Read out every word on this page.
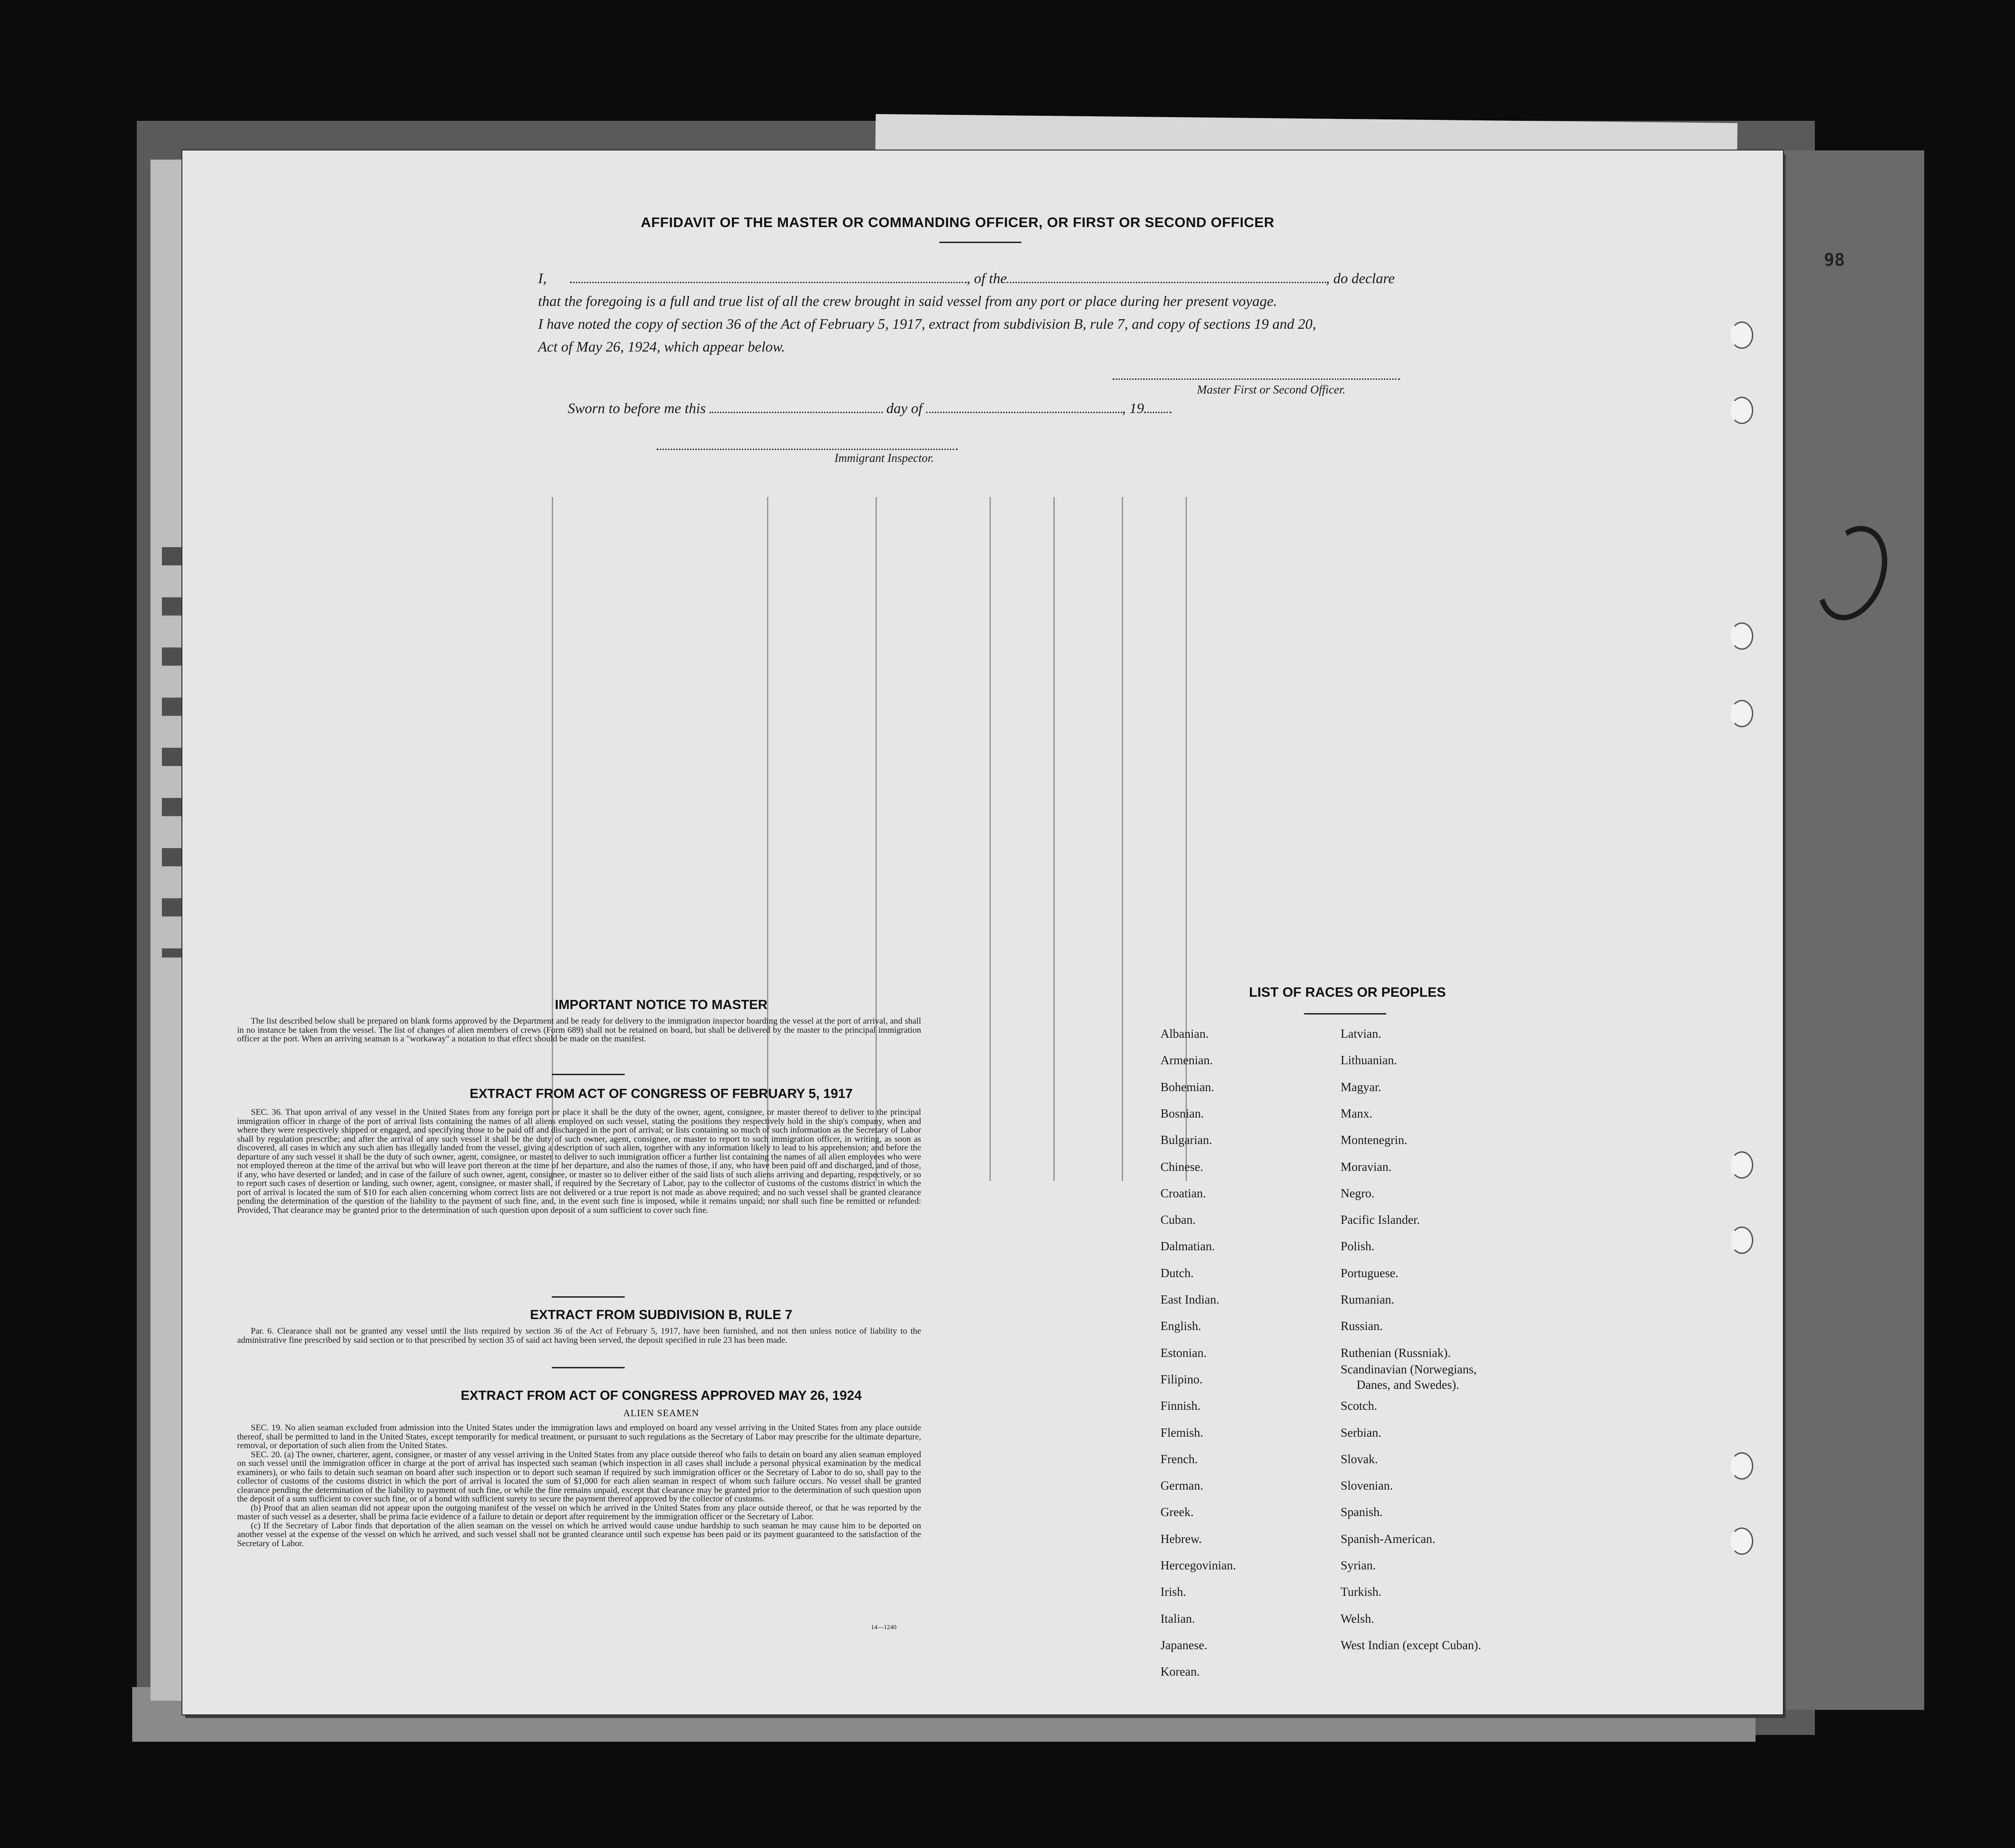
98
AFFIDAVIT OF THE MASTER OR COMMANDING OFFICER, OR FIRST OR SECOND OFFICER
I,	, of the	, do declare
that the foregoing is a full and true list of all the crew brought in said vessel from any port or place during her present voyage.
I have noted the copy of section 36 of the Act of February 5, 1917, extract from subdivision B, rule 7, and copy of sections 19 and 20,
Act of May 26, 1924, which appear below.
Master First or Second Officer.
Sworn to before me this	day of	, 19
Immigrant Inspector.
IMPORTANT NOTICE TO MASTER

The list described below shall be prepared on blank forms approved by the Department and be ready for delivery to the immigration inspector boarding the vessel at the port of arrival, and shall in no instance be taken from the vessel. The list of changes of alien members of crews (Form 689) shall not be retained on board, but shall be delivered by the master to the principal immigration officer at the port. When an arriving seaman is a "workaway" a notation to that effect should be made on the manifest.

EXTRACT FROM ACT OF CONGRESS OF FEBRUARY 5, 1917

SEC. 36. That upon arrival of any vessel in the United States from any foreign port or place it shall be the duty of the owner, agent, consignee, or master thereof to deliver to the principal immigration officer in charge of the port of arrival lists containing the names of all aliens employed on such vessel, stating the positions they respectively hold in the ship's company, when and where they were respectively shipped or engaged, and specifying those to be paid off and discharged in the port of arrival; or lists containing so much of such information as the Secretary of Labor shall by regulation prescribe; and after the arrival of any such vessel it shall be the duty of such owner, agent, consignee, or master to report to such immigration officer, in writing, as soon as discovered, all cases in which any such alien has illegally landed from the vessel, giving a description of such alien, together with any information likely to lead to his apprehension; and before the departure of any such vessel it shall be the duty of such owner, agent, consignee, or master to deliver to such immigration officer a further list containing the names of all alien employees who were not employed thereon at the time of the arrival but who will leave port thereon at the time of her departure, and also the names of those, if any, who have been paid off and discharged, and of those, if any, who have deserted or landed; and in case of the failure of such owner, agent, consignee, or master so to deliver either of the said lists of such aliens arriving and departing, respectively, or so to report such cases of desertion or landing, such owner, agent, consignee, or master shall, if required by the Secretary of Labor, pay to the collector of customs of the customs district in which the port of arrival is located the sum of $10 for each alien concerning whom correct lists are not delivered or a true report is not made as above required; and no such vessel shall be granted clearance pending the determination of the question of the liability to the payment of such fine, and, in the event such fine is imposed, while it remains unpaid; nor shall such fine be remitted or refunded: Provided, That clearance may be granted prior to the determination of such question upon deposit of a sum sufficient to cover such fine.

EXTRACT FROM SUBDIVISION B, RULE 7

Par. 6. Clearance shall not be granted any vessel until the lists required by section 36 of the Act of February 5, 1917, have been furnished, and not then unless notice of liability to the administrative fine prescribed by said section or to that prescribed by section 35 of said act having been served, the deposit specified in rule 23 has been made.

EXTRACT FROM ACT OF CONGRESS APPROVED MAY 26, 1924
ALIEN SEAMEN

SEC. 19. No alien seaman excluded from admission into the United States under the immigration laws and employed on board any vessel arriving in the United States from any place outside thereof, shall be permitted to land in the United States, except temporarily for medical treatment, or pursuant to such regulations as the Secretary of Labor may prescribe for the ultimate departure, removal, or deportation of such alien from the United States.

SEC. 20. (a) The owner, charterer, agent, consignee, or master of any vessel arriving in the United States from any place outside thereof who fails to detain on board any alien seaman employed on such vessel until the immigration officer in charge at the port of arrival has inspected such seaman (which inspection in all cases shall include a personal physical examination by the medical examiners), or who fails to detain such seaman on board after such inspection or to deport such seaman if required by such immigration officer or the Secretary of Labor to do so, shall pay to the collector of customs of the customs district in which the port of arrival is located the sum of $1,000 for each alien seaman in respect of whom such failure occurs. No vessel shall be granted clearance pending the determination of the liability to payment of such fine, or while the fine remains unpaid, except that clearance may be granted prior to the determination of such question upon the deposit of a sum sufficient to cover such fine, or of a bond with sufficient surety to secure the payment thereof approved by the collector of customs.

(b) Proof that an alien seaman did not appear upon the outgoing manifest of the vessel on which he arrived in the United States from any place outside thereof, or that he was reported by the master of such vessel as a deserter, shall be prima facie evidence of a failure to detain or deport after requirement by the immigration officer or the Secretary of Labor.

(c) If the Secretary of Labor finds that deportation of the alien seaman on the vessel on which he arrived would cause undue hardship to such seaman he may cause him to be deported on another vessel at the expense of the vessel on which he arrived, and such vessel shall not be granted clearance until such expense has been paid or its payment guaranteed to the satisfaction of the Secretary of Labor.

14—1240
LIST OF RACES OR PEOPLES
Albanian.
Armenian.
Bohemian.
Bosnian.
Bulgarian.
Chinese.
Croatian.
Cuban.
Dalmatian.
Dutch.
East Indian.
English.
Estonian.
Filipino.
Finnish.
Flemish.
French.
German.
Greek.
Hebrew.
Hercegovinian.
Irish.
Italian.
Japanese.
Korean.
Latvian.
Lithuanian.
Magyar.
Manx.
Montenegrin.
Moravian.
Negro.
Pacific Islander.
Polish.
Portuguese.
Rumanian.
Russian.
Ruthenian (Russniak).
Scandinavian (Norwegians,
Danes, and Swedes).
Scotch.
Serbian.
Slovak.
Slovenian.
Spanish.
Spanish-American.
Syrian.
Turkish.
Welsh.
West Indian (except Cuban).
